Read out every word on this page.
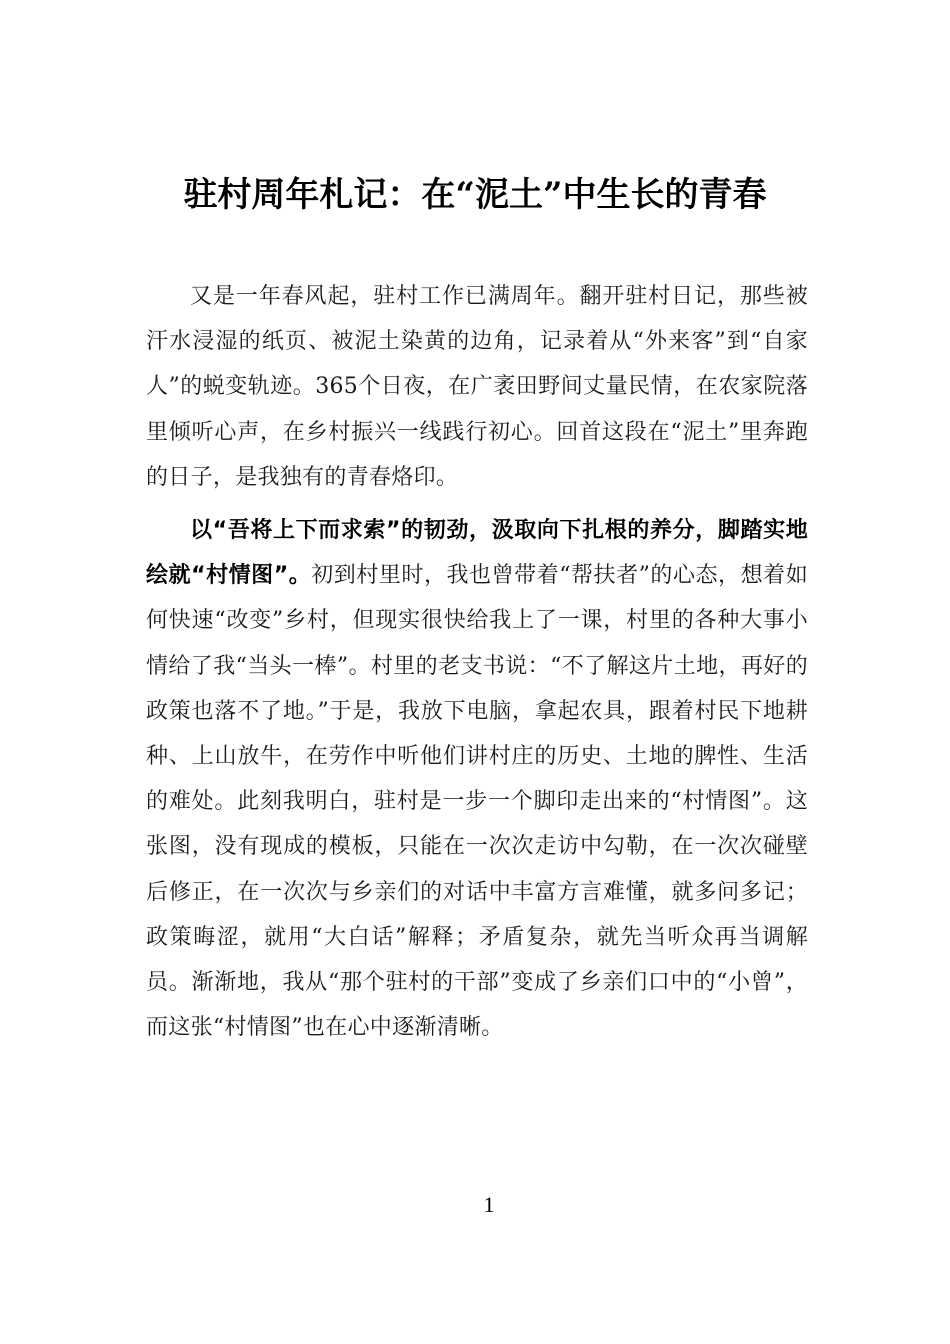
驻村周年札记：在“泥土”中生长的青春

又是一年春风起，驻村工作已满周年。翻开驻村日记，那些被汗水浸湿的纸页、被泥土染黄的边角，记录着从“外来客”到“自家人”的蜕变轨迹。365个日夜，在广袤田野间丈量民情，在农家院落里倾听心声，在乡村振兴一线践行初心。回首这段在“泥土”里奔跑的日子，是我独有的青春烙印。

以“吾将上下而求索”的韧劲，汲取向下扎根的养分，脚踏实地绘就“村情图”。初到村里时，我也曾带着“帮扶者”的心态，想着如何快速“改变”乡村，但现实很快给我上了一课，村里的各种大事小情给了我“当头一棒”。村里的老支书说：“不了解这片土地，再好的政策也落不了地。”于是，我放下电脑，拿起农具，跟着村民下地耕种、上山放牛，在劳作中听他们讲村庄的历史、土地的脾性、生活的难处。此刻我明白，驻村是一步一个脚印走出来的“村情图”。这张图，没有现成的模板，只能在一次次走访中勾勒，在一次次碰壁后修正，在一次次与乡亲们的对话中丰富方言难懂，就多问多记；政策晦涩，就用“大白话”解释；矛盾复杂，就先当听众再当调解员。渐渐地，我从“那个驻村的干部”变成了乡亲们口中的“小曾”，而这张“村情图”也在心中逐渐清晰。

1
